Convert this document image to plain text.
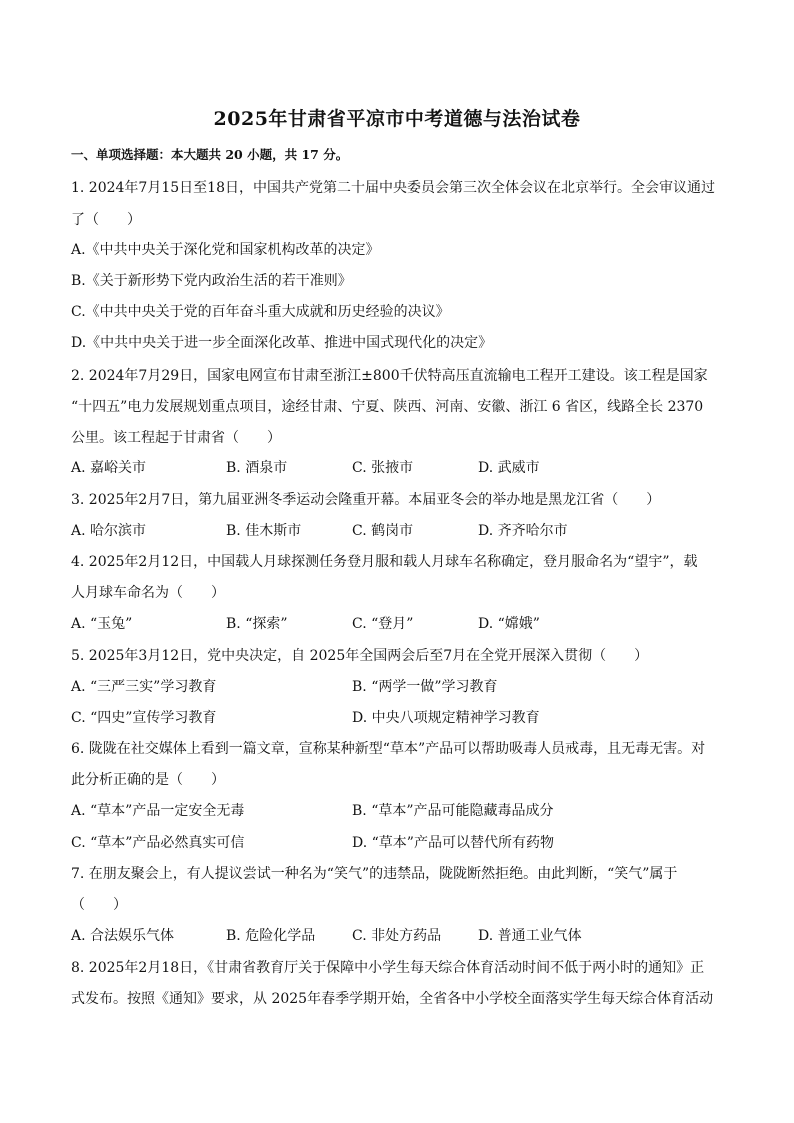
2025年甘肃省平凉市中考道德与法治试卷
一、单项选择题：本大题共 20 小题，共 17 分。
1. 2024年7月15日至18日，中国共产党第二十届中央委员会第三次全体会议在北京举行。全会审议通过
了（　　）
A.《中共中央关于深化党和国家机构改革的决定》
B.《关于新形势下党内政治生活的若干准则》
C.《中共中央关于党的百年奋斗重大成就和历史经验的决议》
D.《中共中央关于进一步全面深化改革、推进中国式现代化的决定》
2. 2024年7月29日，国家电网宣布甘肃至浙江±800千伏特高压直流输电工程开工建设。该工程是国家
“十四五”电力发展规划重点项目，途经甘肃、宁夏、陕西、河南、安徽、浙江 6 省区，线路全长 2370
公里。该工程起于甘肃省（　　）
A. 嘉峪关市	B. 酒泉市	C. 张掖市	D. 武威市
3. 2025年2月7日，第九届亚洲冬季运动会隆重开幕。本届亚冬会的举办地是黑龙江省（　　）
A. 哈尔滨市	B. 佳木斯市	C. 鹤岗市	D. 齐齐哈尔市
4. 2025年2月12日，中国载人月球探测任务登月服和载人月球车名称确定，登月服命名为“望宇”，载
人月球车命名为（　　）
A. “玉兔”	B. “探索”	C. “登月”	D. “嫦娥”
5. 2025年3月12日，党中央决定，自 2025年全国两会后至7月在全党开展深入贯彻（　　）
A. “三严三实”学习教育	B. “两学一做”学习教育
C. “四史”宣传学习教育	D. 中央八项规定精神学习教育
6. 陇陇在社交媒体上看到一篇文章，宣称某种新型“草本”产品可以帮助吸毒人员戒毒，且无毒无害。对
此分析正确的是（　　）
A. “草本”产品一定安全无毒	B. “草本”产品可能隐藏毒品成分
C. “草本”产品必然真实可信	D. “草本”产品可以替代所有药物
7. 在朋友聚会上，有人提议尝试一种名为“笑气”的违禁品，陇陇断然拒绝。由此判断，“笑气”属于
（　　）
A. 合法娱乐气体	B. 危险化学品	C. 非处方药品	D. 普通工业气体
8. 2025年2月18日，《甘肃省教育厅关于保障中小学生每天综合体育活动时间不低于两小时的通知》正
式发布。按照《通知》要求，从 2025年春季学期开始，全省各中小学校全面落实学生每天综合体育活动
